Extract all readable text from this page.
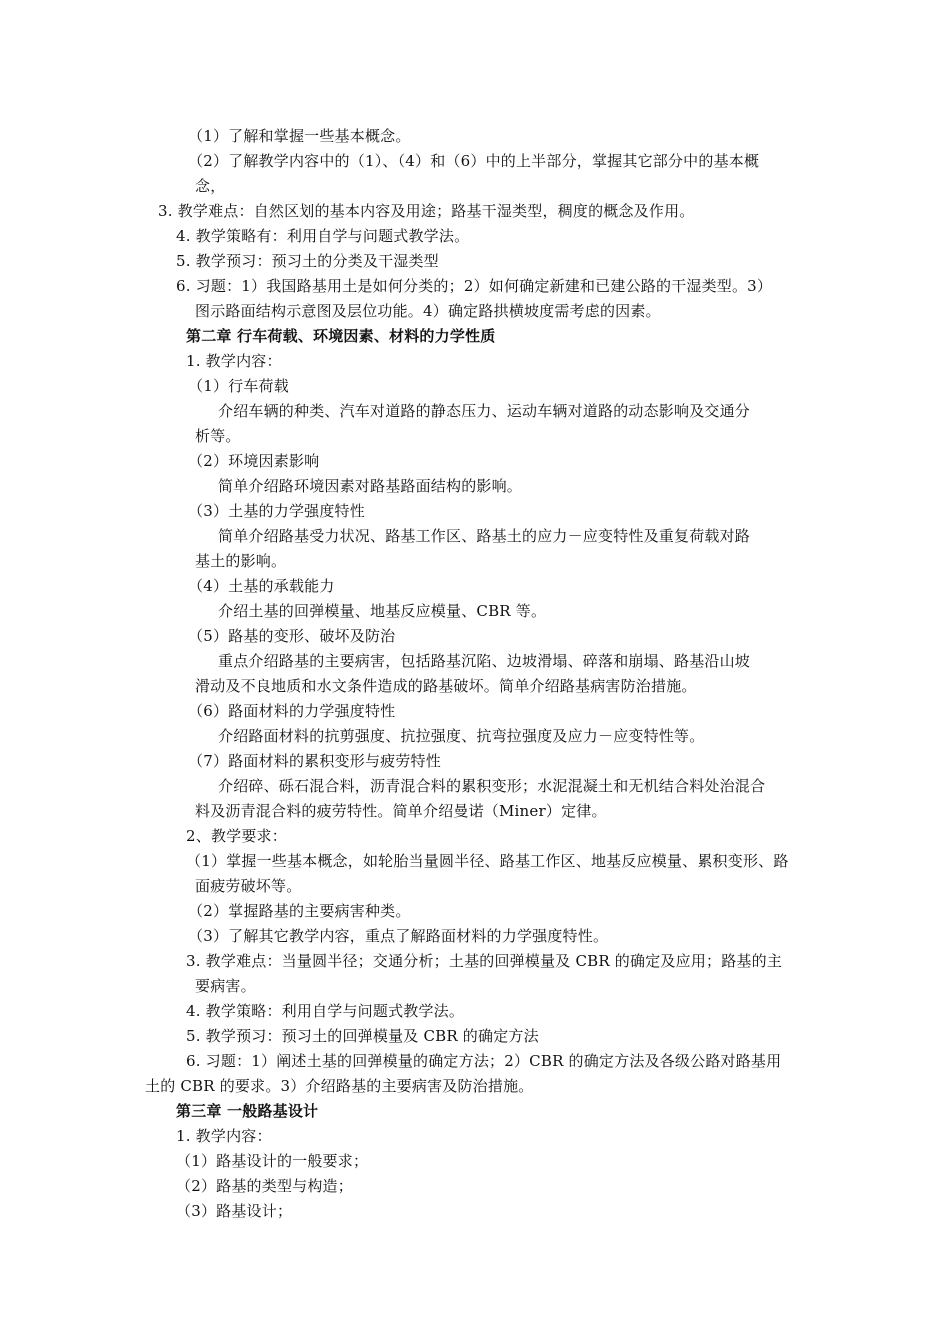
（1）了解和掌握一些基本概念。
（2）了解教学内容中的（1）、（4）和（6）中的上半部分，掌握其它部分中的基本概
念，
3. 教学难点：自然区划的基本内容及用途；路基干湿类型，稠度的概念及作用。
4. 教学策略有：利用自学与问题式教学法。
5. 教学预习：预习土的分类及干湿类型
6. 习题：1）我国路基用土是如何分类的；2）如何确定新建和已建公路的干湿类型。3）
图示路面结构示意图及层位功能。4）确定路拱横坡度需考虑的因素。
第二章 行车荷载、环境因素、材料的力学性质
1. 教学内容：
（1）行车荷载
介绍车辆的种类、汽车对道路的静态压力、运动车辆对道路的动态影响及交通分
析等。
（2）环境因素影响
简单介绍路环境因素对路基路面结构的影响。
（3）土基的力学强度特性
简单介绍路基受力状况、路基工作区、路基土的应力－应变特性及重复荷载对路
基土的影响。
（4）土基的承载能力
介绍土基的回弹模量、地基反应模量、CBR 等。
（5）路基的变形、破坏及防治
重点介绍路基的主要病害，包括路基沉陷、边坡滑塌、碎落和崩塌、路基沿山坡
滑动及不良地质和水文条件造成的路基破坏。简单介绍路基病害防治措施。
（6）路面材料的力学强度特性
介绍路面材料的抗剪强度、抗拉强度、抗弯拉强度及应力－应变特性等。
（7）路面材料的累积变形与疲劳特性
介绍碎、砾石混合料，沥青混合料的累积变形；水泥混凝土和无机结合料处治混合
料及沥青混合料的疲劳特性。简单介绍曼诺（Miner）定律。
2、教学要求：
（1）掌握一些基本概念，如轮胎当量圆半径、路基工作区、地基反应模量、累积变形、路
面疲劳破坏等。
（2）掌握路基的主要病害种类。
（3）了解其它教学内容，重点了解路面材料的力学强度特性。
3. 教学难点：当量圆半径；交通分析；土基的回弹模量及 CBR 的确定及应用；路基的主
要病害。
4. 教学策略：利用自学与问题式教学法。
5. 教学预习：预习土的回弹模量及 CBR 的确定方法
6. 习题：1）阐述土基的回弹模量的确定方法；2）CBR 的确定方法及各级公路对路基用
土的 CBR 的要求。3）介绍路基的主要病害及防治措施。
第三章 一般路基设计
1. 教学内容：
（1）路基设计的一般要求；
（2）路基的类型与构造；
（3）路基设计；
